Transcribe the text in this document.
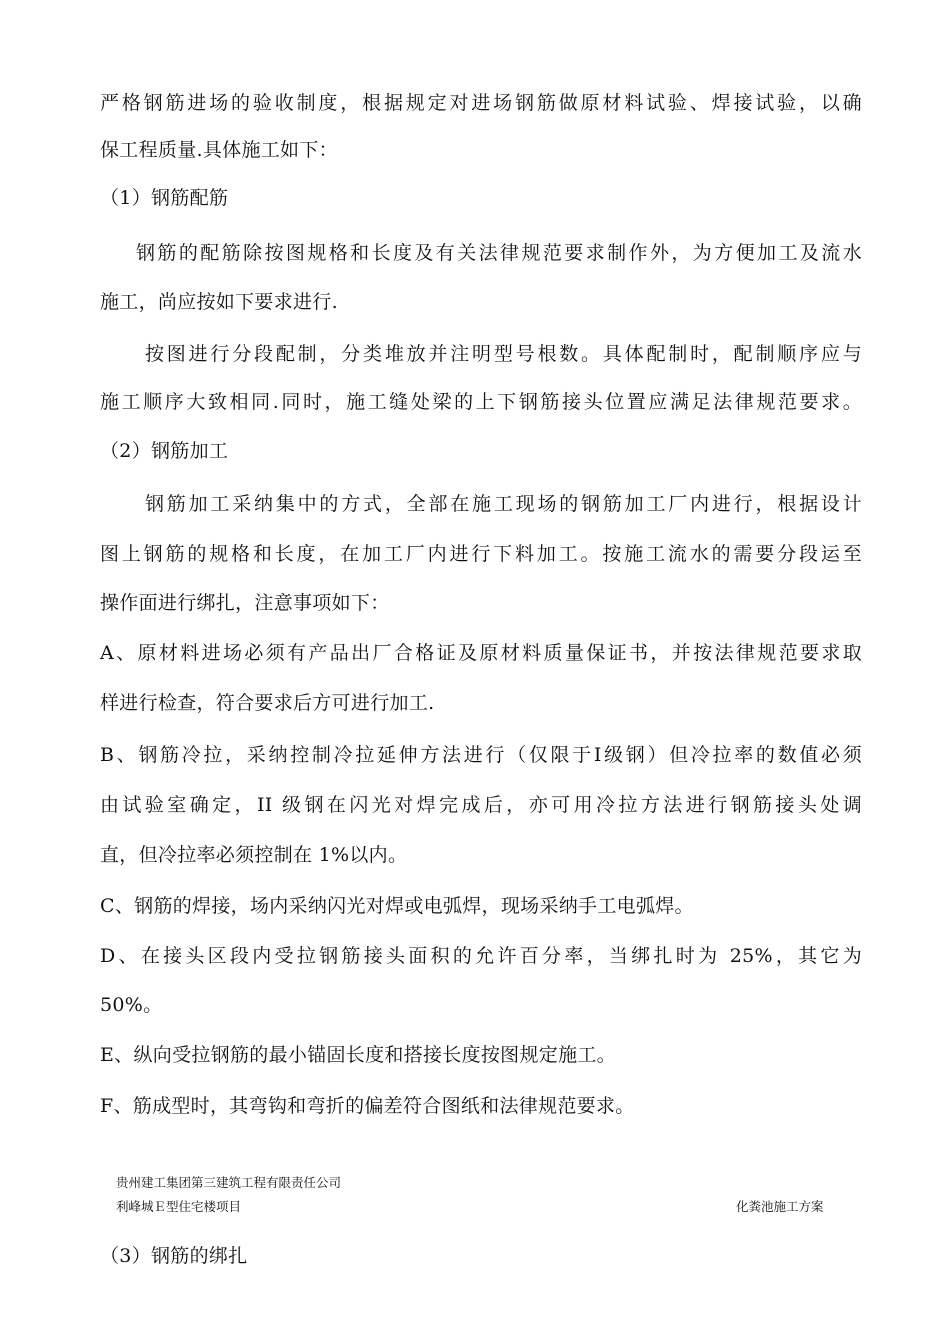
严格钢筋进场的验收制度，根据规定对进场钢筋做原材料试验、焊接试验，以确
保工程质量.具体施工如下：
（1）钢筋配筋
钢筋的配筋除按图规格和长度及有关法律规范要求制作外，为方便加工及流水
施工，尚应按如下要求进行.
按图进行分段配制，分类堆放并注明型号根数。具体配制时，配制顺序应与
施工顺序大致相同.同时，施工缝处梁的上下钢筋接头位置应满足法律规范要求。
（2）钢筋加工
钢筋加工采纳集中的方式，全部在施工现场的钢筋加工厂内进行，根据设计
图上钢筋的规格和长度，在加工厂内进行下料加工。按施工流水的需要分段运至
操作面进行绑扎，注意事项如下：
A、原材料进场必须有产品出厂合格证及原材料质量保证书，并按法律规范要求取
样进行检查，符合要求后方可进行加工.
B、钢筋冷拉，采纳控制冷拉延伸方法进行（仅限于Ⅰ级钢）但冷拉率的数值必须
由试验室确定，II 级钢在闪光对焊完成后，亦可用冷拉方法进行钢筋接头处调
直，但冷拉率必须控制在 1%以内。
C、钢筋的焊接，场内采纳闪光对焊或电弧焊，现场采纳手工电弧焊。
D、在接头区段内受拉钢筋接头面积的允许百分率，当绑扎时为 25%，其它为
50%。
E、纵向受拉钢筋的最小锚固长度和搭接长度按图规定施工。
F、筋成型时，其弯钩和弯折的偏差符合图纸和法律规范要求。
贵州建工集团第三建筑工程有限责任公司
利峰城Ｅ型住宅楼项目	化粪池施工方案
（3）钢筋的绑扎
